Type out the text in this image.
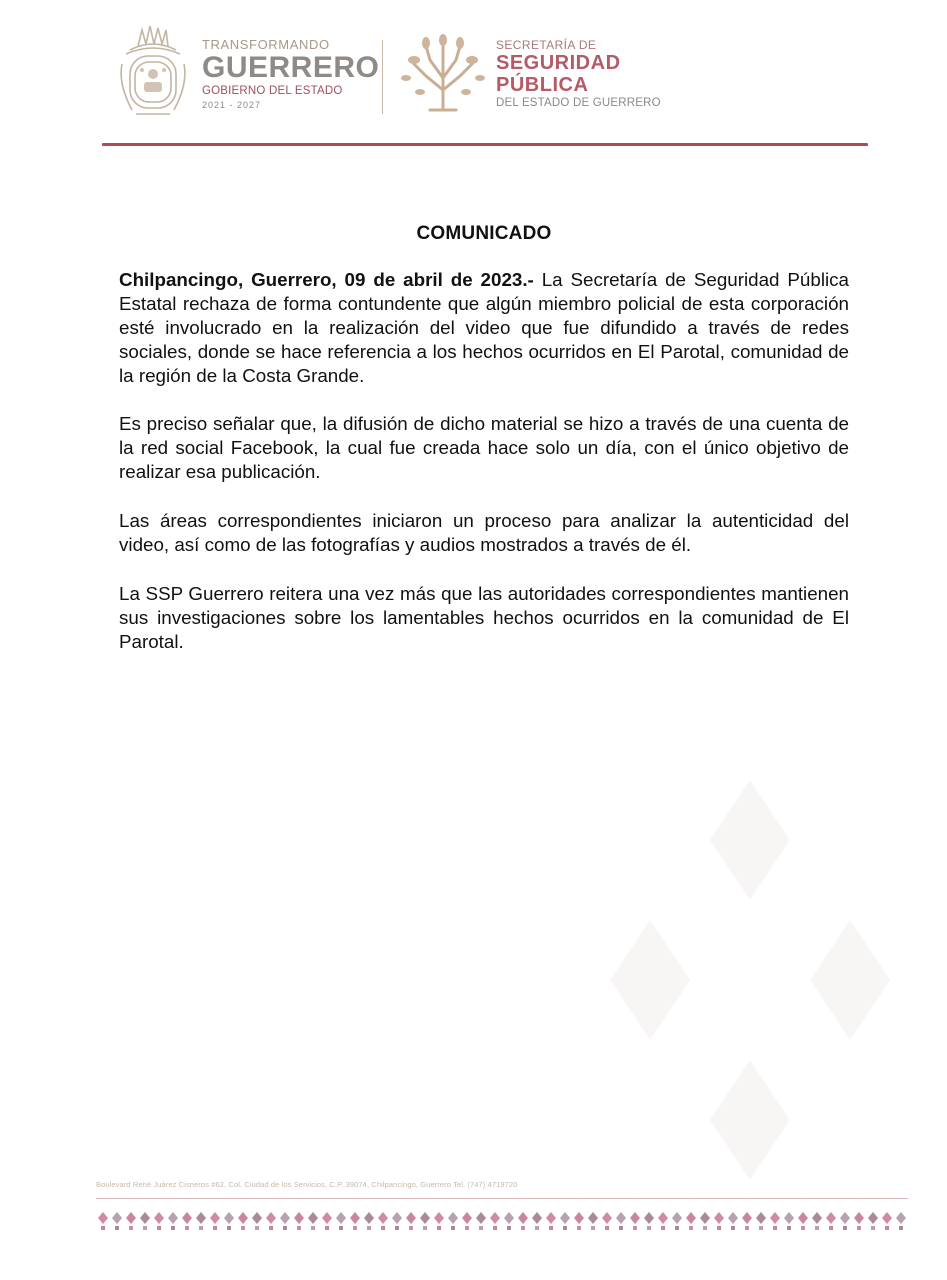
TRANSFORMANDO
GUERRERO
GOBIERNO DEL ESTADO
2021 - 2027
SECRETARÍA DE
SEGURIDAD
PÚBLICA
DEL ESTADO DE GUERRERO
COMUNICADO

Chilpancingo, Guerrero, 09 de abril de 2023.- La Secretaría de Seguridad Pública Estatal rechaza de forma contundente que algún miembro policial de esta corporación esté involucrado en la realización del video que fue difundido a través de redes sociales, donde se hace referencia a los hechos ocurridos en El Parotal, comunidad de la región de la Costa Grande.

Es preciso señalar que, la difusión de dicho material se hizo a través de una cuenta de la red social Facebook, la cual fue creada hace solo un día, con el único objetivo de realizar esa publicación.

Las áreas correspondientes iniciaron un proceso para analizar la autenticidad del video, así como de las fotografías y audios mostrados a través de él.

La SSP Guerrero reitera una vez más que las autoridades correspondientes mantienen sus investigaciones sobre los lamentables hechos ocurridos en la comunidad de El Parotal.

Boulevard René Juárez Cisneros #62, Col. Ciudad de los Servicios, C.P. 39074, Chilpancingo, Guerrero Tel. (747) 4719720
